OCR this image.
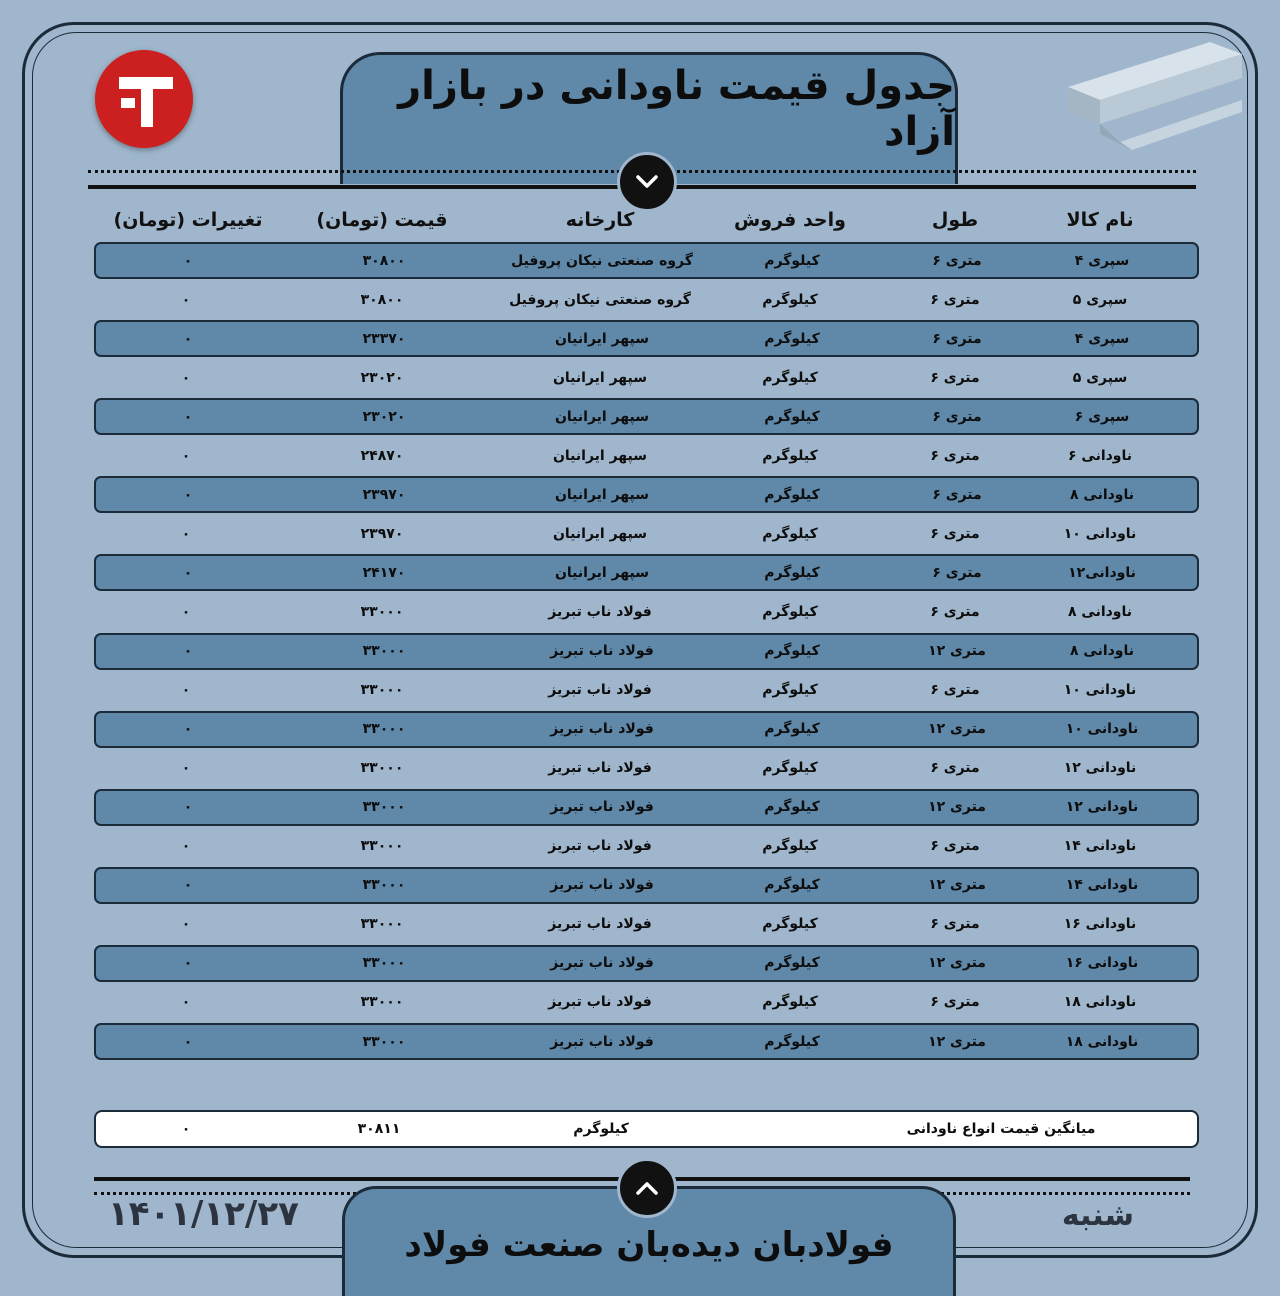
جدول قیمت ناودانی در بازار آزاد
نام کالا
طول
واحد فروش
کارخانه
قیمت (تومان)
تغییرات (تومان)
سپری ۴
متری ۶
کیلوگرم
گروه صنعتی نیکان پروفیل
۳۰۸۰۰
۰
سپری ۵
متری ۶
کیلوگرم
گروه صنعتی نیکان پروفیل
۳۰۸۰۰
۰
سپری ۴
متری ۶
کیلوگرم
سپهر ایرانیان
۲۳۳۷۰
۰
سپری ۵
متری ۶
کیلوگرم
سپهر ایرانیان
۲۳۰۲۰
۰
سپری ۶
متری ۶
کیلوگرم
سپهر ایرانیان
۲۳۰۲۰
۰
ناودانی ۶
متری ۶
کیلوگرم
سپهر ایرانیان
۲۴۸۷۰
۰
ناودانی ۸
متری ۶
کیلوگرم
سپهر ایرانیان
۲۳۹۷۰
۰
ناودانی ۱۰
متری ۶
کیلوگرم
سپهر ایرانیان
۲۳۹۷۰
۰
ناودانی۱۲
متری ۶
کیلوگرم
سپهر ایرانیان
۲۴۱۷۰
۰
ناودانی ۸
متری ۶
کیلوگرم
فولاد ناب تبریز
۳۳۰۰۰
۰
ناودانی ۸
متری ۱۲
کیلوگرم
فولاد ناب تبریز
۳۳۰۰۰
۰
ناودانی ۱۰
متری ۶
کیلوگرم
فولاد ناب تبریز
۳۳۰۰۰
۰
ناودانی ۱۰
متری ۱۲
کیلوگرم
فولاد ناب تبریز
۳۳۰۰۰
۰
ناودانی ۱۲
متری ۶
کیلوگرم
فولاد ناب تبریز
۳۳۰۰۰
۰
ناودانی ۱۲
متری ۱۲
کیلوگرم
فولاد ناب تبریز
۳۳۰۰۰
۰
ناودانی ۱۴
متری ۶
کیلوگرم
فولاد ناب تبریز
۳۳۰۰۰
۰
ناودانی ۱۴
متری ۱۲
کیلوگرم
فولاد ناب تبریز
۳۳۰۰۰
۰
ناودانی ۱۶
متری ۶
کیلوگرم
فولاد ناب تبریز
۳۳۰۰۰
۰
ناودانی ۱۶
متری ۱۲
کیلوگرم
فولاد ناب تبریز
۳۳۰۰۰
۰
ناودانی ۱۸
متری ۶
کیلوگرم
فولاد ناب تبریز
۳۳۰۰۰
۰
ناودانی ۱۸
متری ۱۲
کیلوگرم
فولاد ناب تبریز
۳۳۰۰۰
۰
میانگین قیمت انواع ناودانی
کیلوگرم
۳۰۸۱۱
۰
فولادبان دیده‌بان صنعت فولاد
۱۴۰۱/۱۲/۲۷	شنبه
